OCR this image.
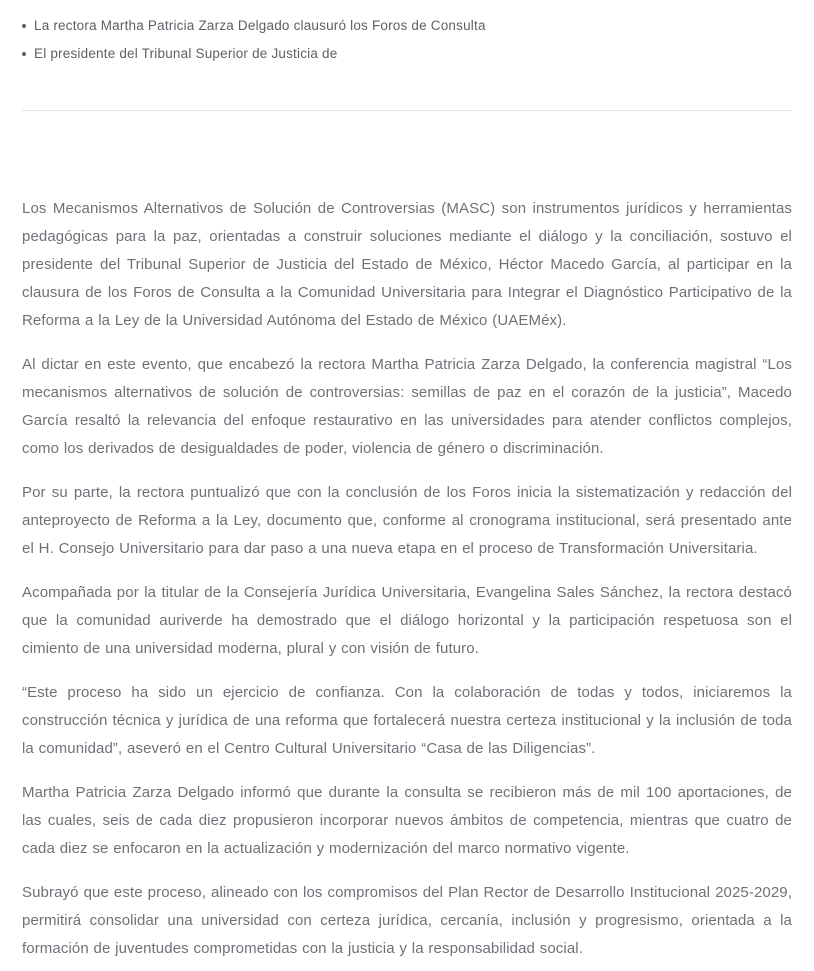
La rectora Martha Patricia Zarza Delgado clausuró los Foros de Consulta
El presidente del Tribunal Superior de Justicia de

Los Mecanismos Alternativos de Solución de Controversias (MASC) son instrumentos jurídicos y herramientas pedagógicas para la paz, orientadas a construir soluciones mediante el diálogo y la conciliación, sostuvo el presidente del Tribunal Superior de Justicia del Estado de México, Héctor Macedo García, al participar en la clausura de los Foros de Consulta a la Comunidad Universitaria para Integrar el Diagnóstico Participativo de la Reforma a la Ley de la Universidad Autónoma del Estado de México (UAEMéx).

Al dictar en este evento, que encabezó la rectora Martha Patricia Zarza Delgado, la conferencia magistral “Los mecanismos alternativos de solución de controversias: semillas de paz en el corazón de la justicia”, Macedo García resaltó la relevancia del enfoque restaurativo en las universidades para atender conflictos complejos, como los derivados de desigualdades de poder, violencia de género o discriminación.

Por su parte, la rectora puntualizó que con la conclusión de los Foros inicia la sistematización y redacción del anteproyecto de Reforma a la Ley, documento que, conforme al cronograma institucional, será presentado ante el H. Consejo Universitario para dar paso a una nueva etapa en el proceso de Transformación Universitaria.

Acompañada por la titular de la Consejería Jurídica Universitaria, Evangelina Sales Sánchez, la rectora destacó que la comunidad auriverde ha demostrado que el diálogo horizontal y la participación respetuosa son el cimiento de una universidad moderna, plural y con visión de futuro.

“Este proceso ha sido un ejercicio de confianza. Con la colaboración de todas y todos, iniciaremos la construcción técnica y jurídica de una reforma que fortalecerá nuestra certeza institucional y la inclusión de toda la comunidad”, aseveró en el Centro Cultural Universitario “Casa de las Diligencias”.

Martha Patricia Zarza Delgado informó que durante la consulta se recibieron más de mil 100 aportaciones, de las cuales, seis de cada diez propusieron incorporar nuevos ámbitos de competencia, mientras que cuatro de cada diez se enfocaron en la actualización y modernización del marco normativo vigente.

Subrayó que este proceso, alineado con los compromisos del Plan Rector de Desarrollo Institucional 2025-2029, permitirá consolidar una universidad con certeza jurídica, cercanía, inclusión y progresismo, orientada a la formación de juventudes comprometidas con la justicia y la responsabilidad social.
